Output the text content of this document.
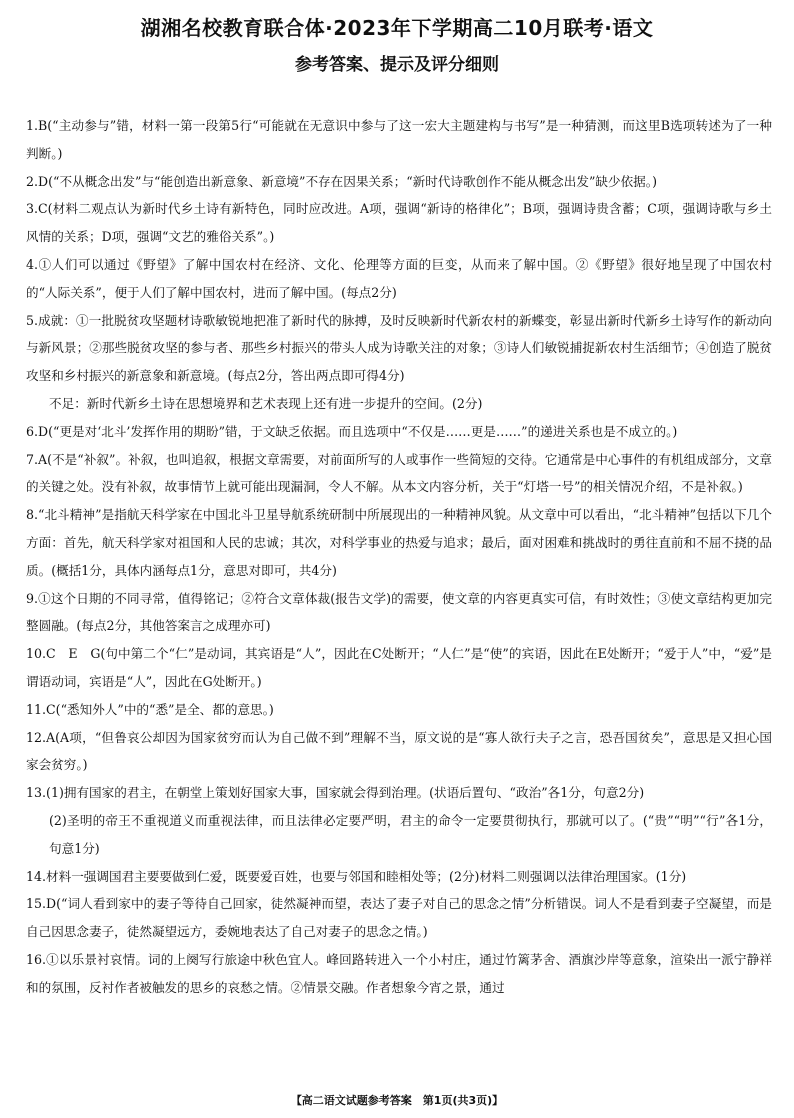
湖湘名校教育联合体·2023年下学期高二10月联考·语文
参考答案、提示及评分细则

1.B(“主动参与”错，材料一第一段第5行“可能就在无意识中参与了这一宏大主题建构与书写”是一种猜测，而这里B选项转述为了一种判断。)

2.D(“不从概念出发”与“能创造出新意象、新意境”不存在因果关系；“新时代诗歌创作不能从概念出发”缺少依据。)

3.C(材料二观点认为新时代乡土诗有新特色，同时应改进。A项，强调“新诗的格律化”；B项，强调诗贵含蓄；C项，强调诗歌与乡土风情的关系；D项，强调“文艺的雅俗关系”。)

4.①人们可以通过《野望》了解中国农村在经济、文化、伦理等方面的巨变，从而来了解中国。②《野望》很好地呈现了中国农村的“人际关系”，便于人们了解中国农村，进而了解中国。(每点2分)

5.成就：①一批脱贫攻坚题材诗歌敏锐地把准了新时代的脉搏，及时反映新时代新农村的新蝶变，彰显出新时代新乡土诗写作的新动向与新风景；②那些脱贫攻坚的参与者、那些乡村振兴的带头人成为诗歌关注的对象；③诗人们敏锐捕捉新农村生活细节；④创造了脱贫攻坚和乡村振兴的新意象和新意境。(每点2分，答出两点即可得4分)

不足：新时代新乡土诗在思想境界和艺术表现上还有进一步提升的空间。(2分)

6.D(“更是对‘北斗’发挥作用的期盼”错，于文缺乏依据。而且选项中“不仅是……更是……”的递进关系也是不成立的。)

7.A(不是“补叙”。补叙，也叫追叙，根据文章需要，对前面所写的人或事作一些简短的交待。它通常是中心事件的有机组成部分，文章的关键之处。没有补叙，故事情节上就可能出现漏洞，令人不解。从本文内容分析，关于“灯塔一号”的相关情况介绍，不是补叙。)

8.“北斗精神”是指航天科学家在中国北斗卫星导航系统研制中所展现出的一种精神风貌。从文章中可以看出，“北斗精神”包括以下几个方面：首先，航天科学家对祖国和人民的忠诚；其次，对科学事业的热爱与追求；最后，面对困难和挑战时的勇往直前和不屈不挠的品质。(概括1分，具体内涵每点1分，意思对即可，共4分)

9.①这个日期的不同寻常，值得铭记；②符合文章体裁(报告文学)的需要，使文章的内容更真实可信，有时效性；③使文章结构更加完整圆融。(每点2分，其他答案言之成理亦可)

10.C　E　G(句中第二个“仁”是动词，其宾语是“人”，因此在C处断开；“人仁”是“使”的宾语，因此在E处断开；“爱于人”中，“爱”是谓语动词，宾语是“人”，因此在G处断开。)

11.C(“悉知外人”中的“悉”是全、都的意思。)

12.A(A项，“但鲁哀公却因为国家贫穷而认为自己做不到”理解不当，原文说的是“寡人欲行夫子之言，恐吾国贫矣”，意思是又担心国家会贫穷。)

13.(1)拥有国家的君主，在朝堂上策划好国家大事，国家就会得到治理。(状语后置句、“政治”各1分，句意2分)

(2)圣明的帝王不重视道义而重视法律，而且法律必定要严明，君主的命令一定要贯彻执行，那就可以了。(“贵”“明”“行”各1分，句意1分)

14.材料一强调国君主要要做到仁爱，既要爱百姓，也要与邻国和睦相处等；(2分)材料二则强调以法律治理国家。(1分)

15.D(“词人看到家中的妻子等待自己回家，徒然凝神而望，表达了妻子对自己的思念之情”分析错误。词人不是看到妻子空凝望，而是自己因思念妻子，徒然凝望远方，委婉地表达了自己对妻子的思念之情。)

16.①以乐景衬哀情。词的上阕写行旅途中秋色宜人。峰回路转进入一个小村庄，通过竹篱茅舍、酒旗沙岸等意象，渲染出一派宁静祥和的氛围，反衬作者被触发的思乡的哀愁之情。②情景交融。作者想象今宵之景，通过

【高二语文试题参考答案　第1页(共3页)】
